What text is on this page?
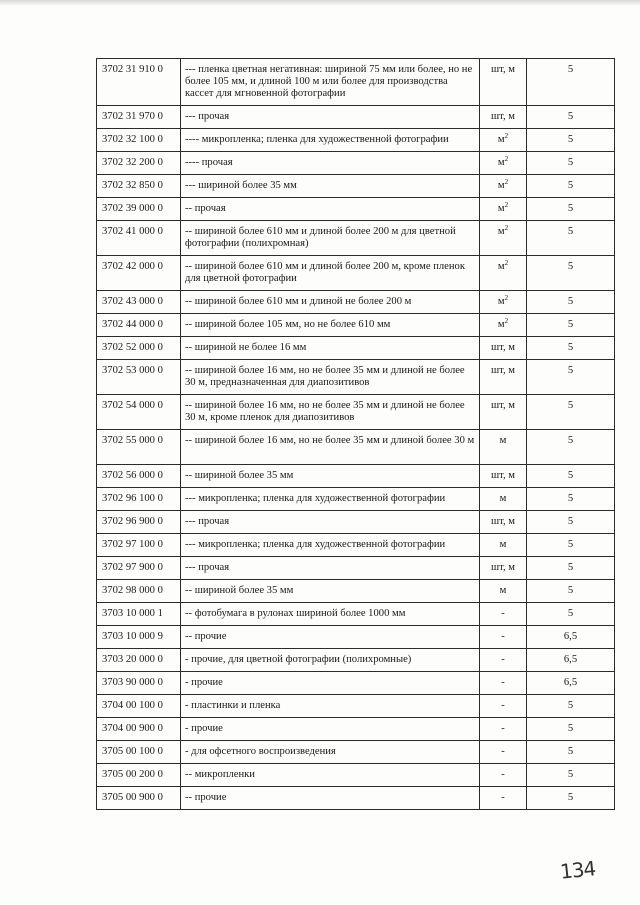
3702 31 910 0	--- пленка цветная негативная: шириной 75 мм или более, но не более 105 мм, и длиной 100 м или более для производства кассет для мгновенной фотографии	шт, м	5
3702 31 970 0	--- прочая	шт, м	5
3702 32 100 0	---- микропленка; пленка для художественной фотографии	$м^2$	5
3702 32 200 0	---- прочая	$м^2$	5
3702 32 850 0	--- шириной более 35 мм	$м^2$	5
3702 39 000 0	-- прочая	$м^2$	5
3702 41 000 0	-- шириной более 610 мм и длиной более 200 м для цветной фотографии (полихромная)	$м^2$	5
3702 42 000 0	-- шириной более 610 мм и длиной более 200 м, кроме пленок для цветной фотографии	$м^2$	5
3702 43 000 0	-- шириной более 610 мм и длиной не более 200 м	$м^2$	5
3702 44 000 0	-- шириной более 105 мм, но не более 610 мм	$м^2$	5
3702 52 000 0	-- шириной не более 16 мм	шт, м	5
3702 53 000 0	-- шириной более 16 мм, но не более 35 мм и длиной не более 30 м, предназначенная для диапозитивов	шт, м	5
3702 54 000 0	-- шириной более 16 мм, но не более 35 мм и длиной не более 30 м, кроме пленок для диапозитивов	шт, м	5
3702 55 000 0	-- шириной более 16 мм, но не более 35 мм и длиной более 30 м	м	5
3702 56 000 0	-- шириной более 35 мм	шт, м	5
3702 96 100 0	--- микропленка; пленка для художественной фотографии	м	5
3702 96 900 0	--- прочая	шт, м	5
3702 97 100 0	--- микропленка; пленка для художественной фотографии	м	5
3702 97 900 0	--- прочая	шт, м	5
3702 98 000 0	-- шириной более 35 мм	м	5
3703 10 000 1	-- фотобумага в рулонах шириной более 1000 мм	-	5
3703 10 000 9	-- прочие	-	6,5
3703 20 000 0	- прочие, для цветной фотографии (полихромные)	-	6,5
3703 90 000 0	- прочие	-	6,5
3704 00 100 0	- пластинки и пленка	-	5
3704 00 900 0	- прочие	-	5
3705 00 100 0	- для офсетного воспроизведения	-	5
3705 00 200 0	-- микропленки	-	5
3705 00 900 0	-- прочие	-	5
134
